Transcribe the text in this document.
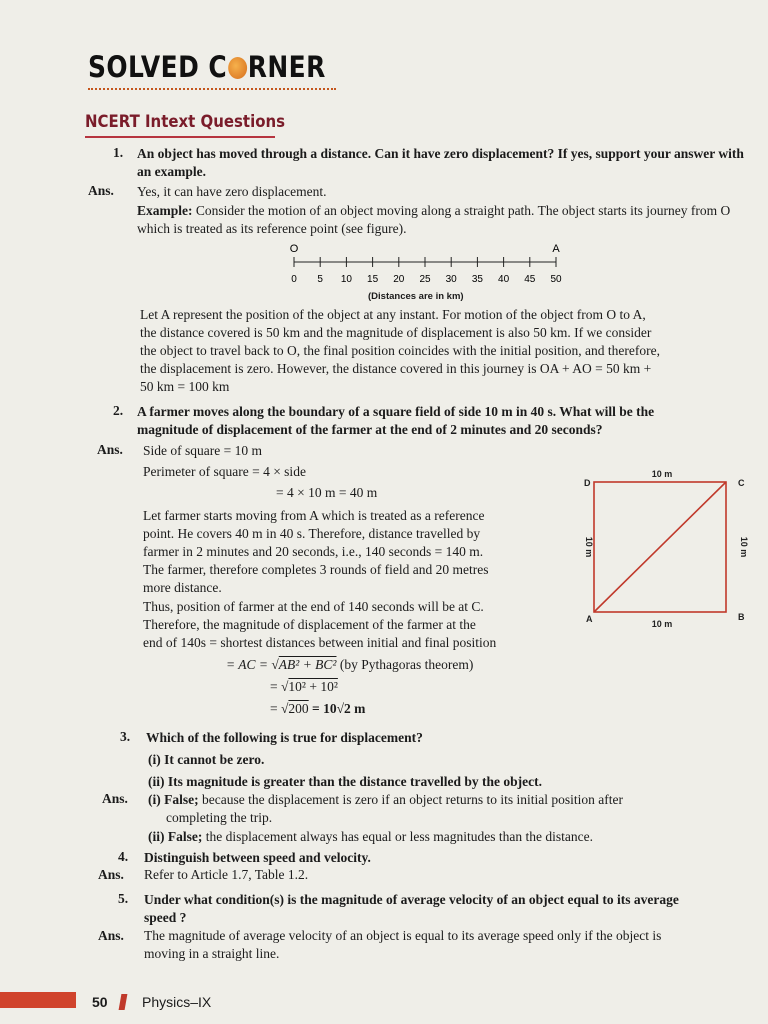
SOLVED C RNER
NCERT Intext Questions
1. An object has moved through a distance. Can it have zero displacement? If yes, support your answer with an example.
Ans. Yes, it can have zero displacement.
Example: Consider the motion of an object moving along a straight path. The object starts its journey from O which is treated as its reference point (see figure).
0 5 10 15 20 25 30 35 40 45 50
O	A
(Distances are in km)
Let A represent the position of the object at any instant. For motion of the object from O to A,
the distance covered is 50 km and the magnitude of displacement is also 50 km. If we consider
the object to travel back to O, the final position coincides with the initial position, and therefore,
the displacement is zero. However, the distance covered in this journey is OA + AO = 50 km +
50 km = 100 km
2. A farmer moves along the boundary of a square field of side 10 m in 40 s. What will be the
magnitude of displacement of the farmer at the end of 2 minutes and 20 seconds?
Ans. Side of square = 10 m
Perimeter of square = 4 × side
= 4 × 10 m = 40 m
Let farmer starts moving from A which is treated as a reference
point. He covers 40 m in 40 s. Therefore, distance travelled by
farmer in 2 minutes and 20 seconds, i.e., 140 seconds = 140 m.
The farmer, therefore completes 3 rounds of field and 20 metres
more distance.
Thus, position of farmer at the end of 140 seconds will be at C.
Therefore, the magnitude of displacement of the farmer at the
end of 140s = shortest distances between initial and final position
= AC = √AB² + BC² (by Pythagoras theorem)
= √10² + 10²
= √200 = 10√2 m
D	C
A	B
10 m
10 m
10 m	10 m
3. Which of the following is true for displacement?
(i) It cannot be zero.
(ii) Its magnitude is greater than the distance travelled by the object.
Ans. (i) False; because the displacement is zero if an object returns to its initial position after
completing the trip.
(ii) False; the displacement always has equal or less magnitudes than the distance.
4. Distinguish between speed and velocity.
Ans. Refer to Article 1.7, Table 1.2.
5. Under what condition(s) is the magnitude of average velocity of an object equal to its average
speed ?
Ans. The magnitude of average velocity of an object is equal to its average speed only if the object is
moving in a straight line.
50 Physics–IX
